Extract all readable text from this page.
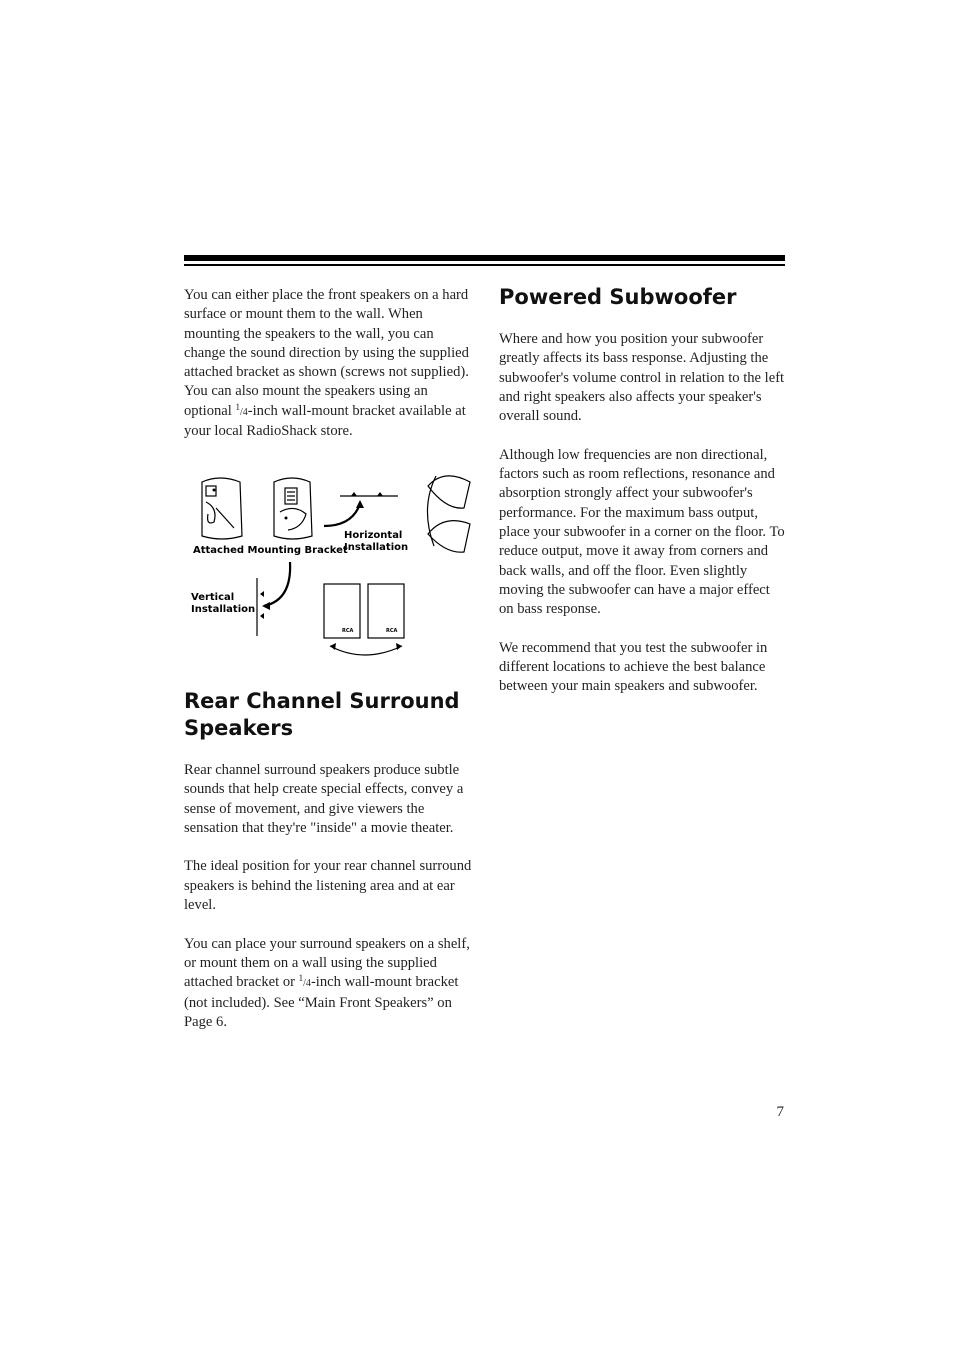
You can either place the front speakers on a hard surface or mount them to the wall. When mounting the speakers to the wall, you can change the sound direction by using the supplied attached bracket as shown (screws not supplied). You can also mount the speakers using an optional $^1$/4-inch wall-mount bracket available at your local RadioShack store.

RCA	RCA
Attached Mounting Bracket
Horizontal Installation
Vertical Installation
Rear Channel Surround Speakers

Rear channel surround speakers produce subtle sounds that help create special effects, convey a sense of movement, and give viewers the sensation that they're "inside" a movie theater.

The ideal position for your rear channel surround speakers is behind the listening area and at ear level.

You can place your surround speakers on a shelf, or mount them on a wall using the supplied attached bracket or $^1$/4-inch wall-mount bracket (not included). See “Main Front Speakers” on Page 6.

Powered Subwoofer

Where and how you position your subwoofer greatly affects its bass response. Adjusting the subwoofer's volume control in relation to the left and right speakers also affects your speaker's overall sound.

Although low frequencies are non directional, factors such as room reflections, resonance and absorption strongly affect your subwoofer's performance. For the maximum bass output, place your subwoofer in a corner on the floor. To reduce output, move it away from corners and back walls, and off the floor. Even slightly moving the subwoofer can have a major effect on bass response.

We recommend that you test the subwoofer in different locations to achieve the best balance between your main speakers and subwoofer.

7
